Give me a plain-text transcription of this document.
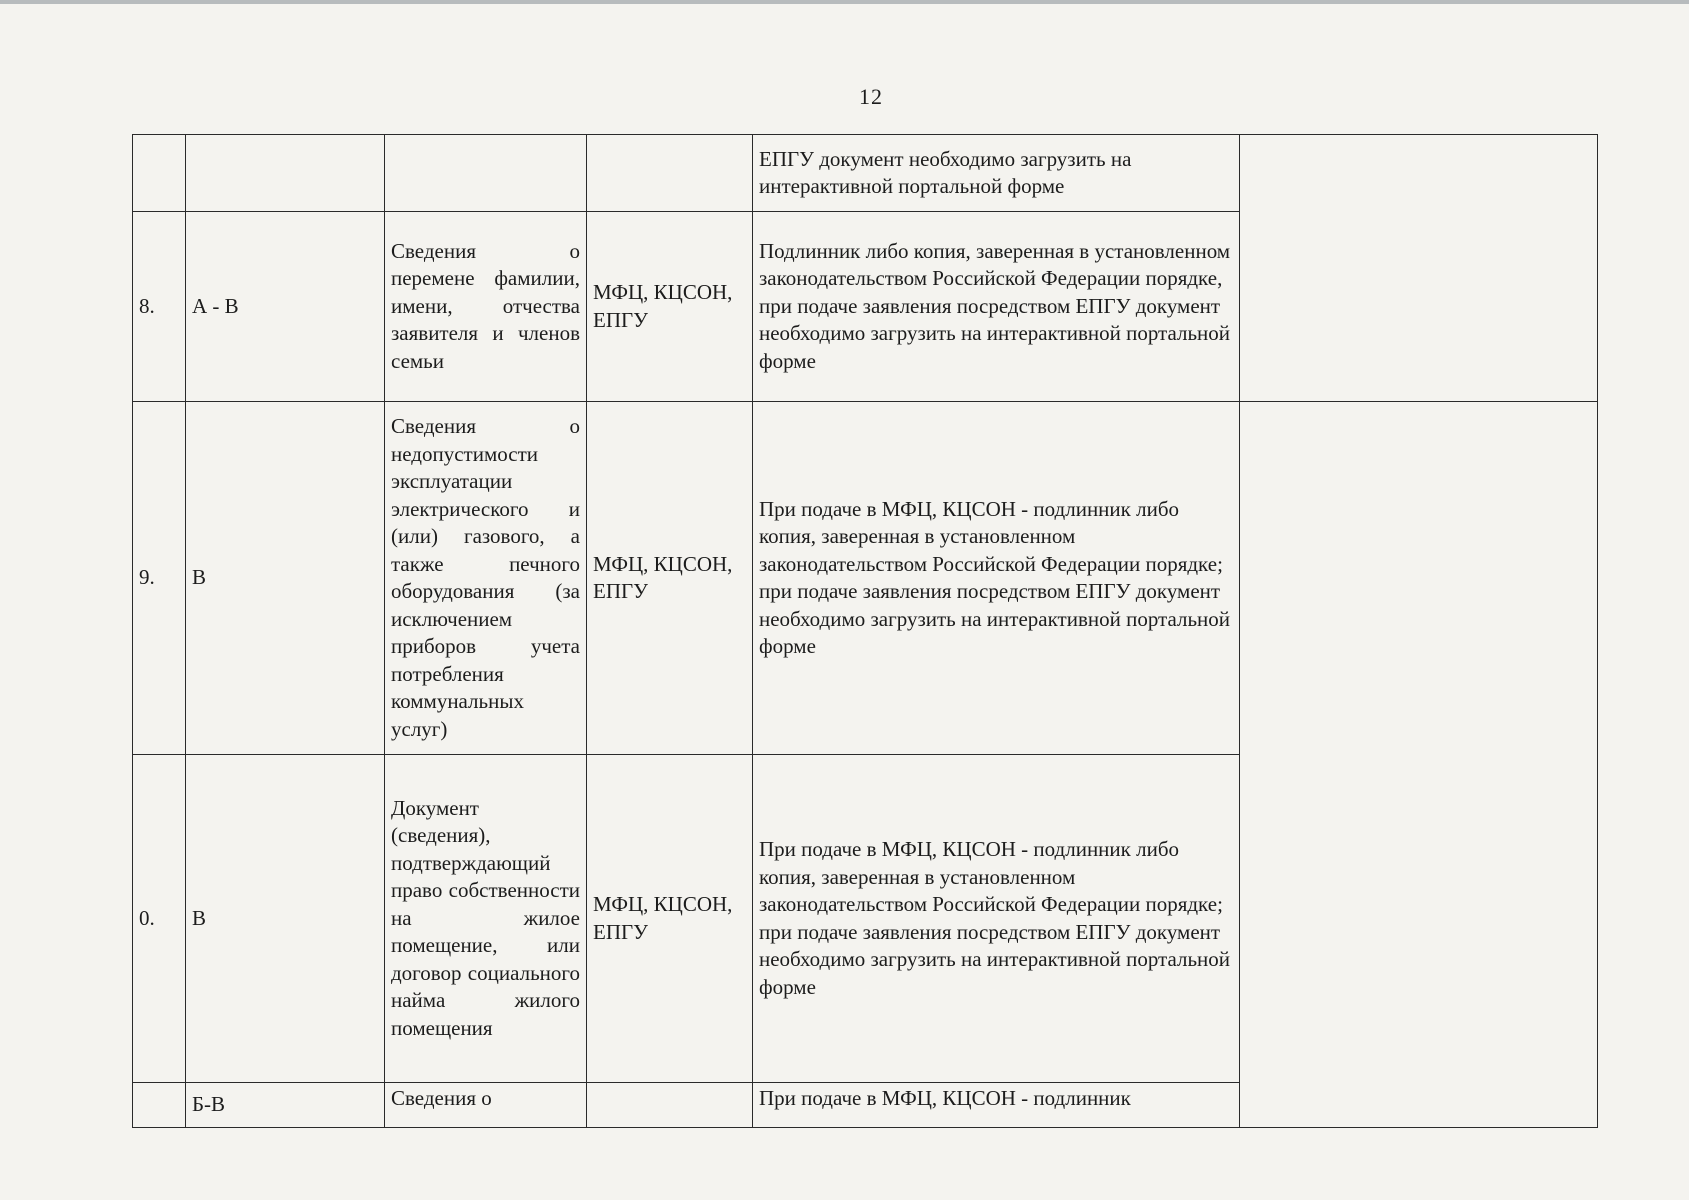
12
				ЕПГУ документ необходимо загрузить на интерактивной портальной форме	
8.	А - В	Сведения о перемене фамилии, имени, отчества заявителя и членов семьи	МФЦ, КЦСОН, ЕПГУ	Подлинник либо копия, заверенная в установленном законодательством Российской Федерации порядке, при подаче заявления посредством ЕПГУ документ необходимо загрузить на интерактивной портальной форме	
9.	В	Сведения о недопустимости эксплуатации электрического и (или) газового, а также печного оборудования (за исключением приборов учета потребления коммунальных услуг)	МФЦ, КЦСОН, ЕПГУ	При подаче в МФЦ, КЦСОН - подлинник либо копия, заверенная в установленном законодательством Российской Федерации порядке; при подаче заявления посредством ЕПГУ документ необходимо загрузить на интерактивной портальной форме	
0.	В	Документ (сведения), подтверждающий право собственности на жилое помещение, или договор социального найма жилого помещения	МФЦ, КЦСОН, ЕПГУ	При подаче в МФЦ, КЦСОН - подлинник либо копия, заверенная в установленном законодательством Российской Федерации порядке; при подаче заявления посредством ЕПГУ документ необходимо загрузить на интерактивной портальной форме	
	Б-В	Сведения о		При подаче в МФЦ, КЦСОН - подлинник	
